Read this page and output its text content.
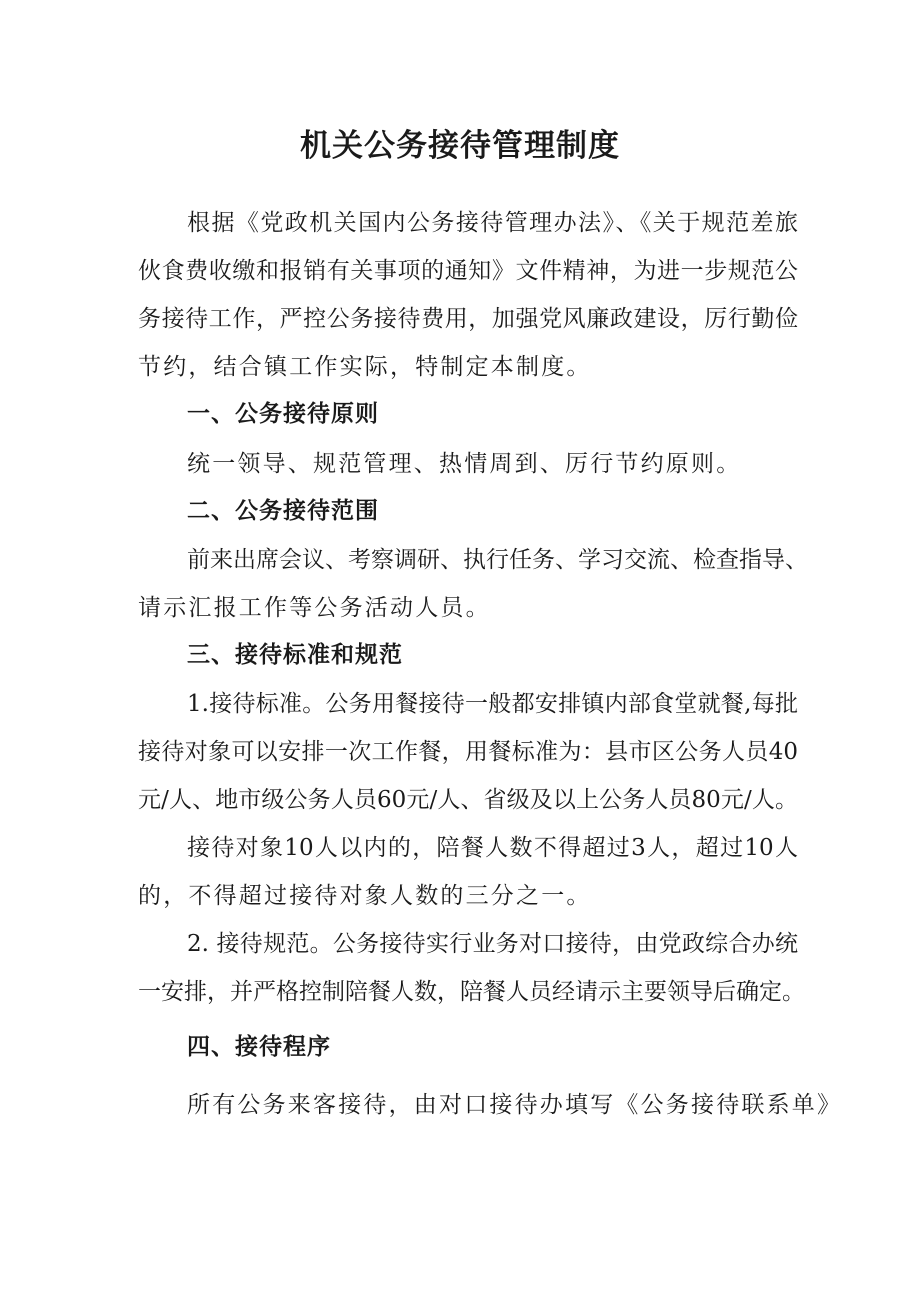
机关公务接待管理制度

根据《党政机关国内公务接待管理办法》、《关于规范差旅

伙食费收缴和报销有关事项的通知》文件精神，为进一步规范公

务接待工作，严控公务接待费用，加强党风廉政建设，厉行勤俭

节约，结合镇工作实际，特制定本制度。

一、公务接待原则

统一领导、规范管理、热情周到、厉行节约原则。

二、公务接待范围

前来出席会议、考察调研、执行任务、学习交流、检查指导、

请示汇报工作等公务活动人员。

三、接待标准和规范

1.接待标准。公务用餐接待一般都安排镇内部食堂就餐,每批

接待对象可以安排一次工作餐，用餐标准为：县市区公务人员40

元/人、地市级公务人员60元/人、省级及以上公务人员80元/人。

接待对象10人以内的，陪餐人数不得超过3人，超过10人

的，不得超过接待对象人数的三分之一。

2. 接待规范。公务接待实行业务对口接待，由党政综合办统

一安排，并严格控制陪餐人数，陪餐人员经请示主要领导后确定。

四、接待程序

所有公务来客接待，由对口接待办填写《公务接待联系单》
